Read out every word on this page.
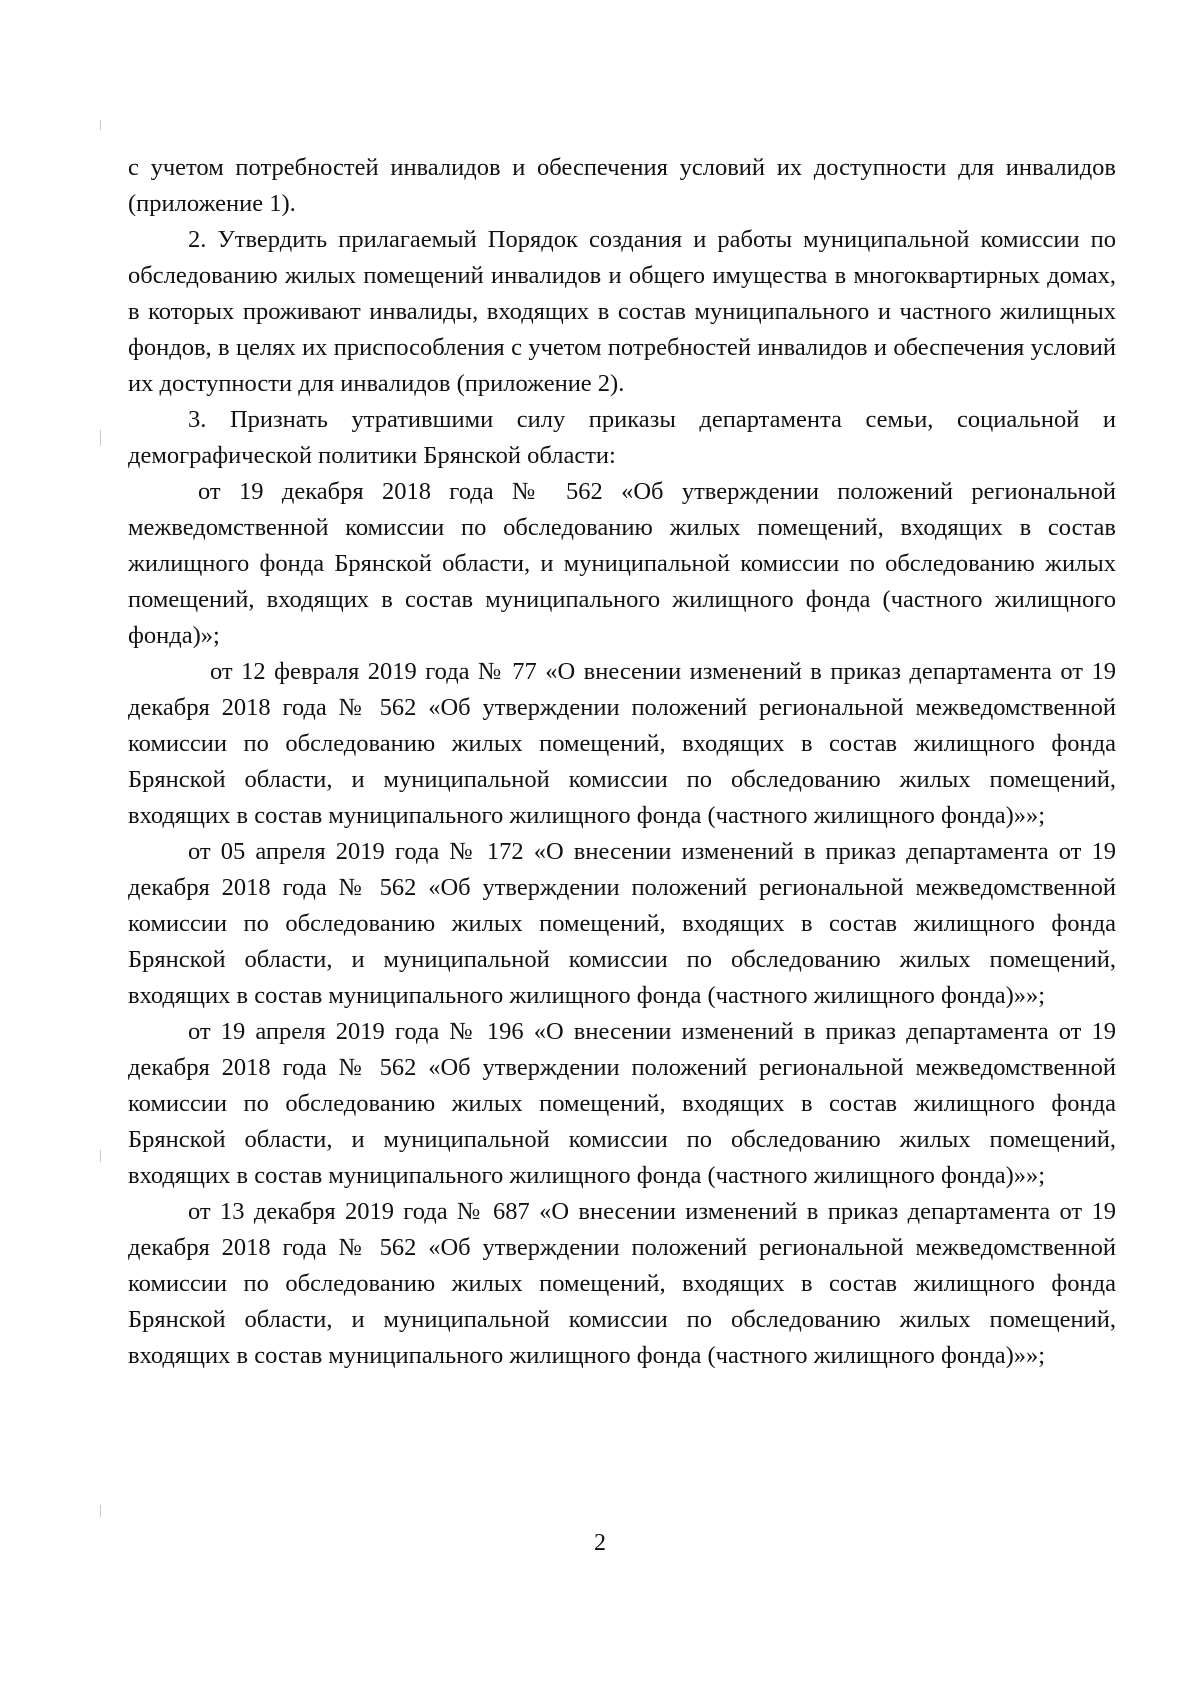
с учетом потребностей инвалидов и обеспечения условий их доступности для инвалидов (приложение 1).

2. Утвердить прилагаемый Порядок создания и работы муниципальной комиссии по обследованию жилых помещений инвалидов и общего имущества в многоквартирных домах, в которых проживают инвалиды, входящих в состав муниципального и частного жилищных фондов, в целях их приспособления с учетом потребностей инвалидов и обеспечения условий их доступности для инвалидов (приложение 2).

3. Признать утратившими силу приказы департамента семьи, социальной и демографической политики Брянской области:

от 19 декабря 2018 года № 562 «Об утверждении положений региональной межведомственной комиссии по обследованию жилых помещений, входящих в состав жилищного фонда Брянской области, и муниципальной комиссии по обследованию жилых помещений, входящих в состав муниципального жилищного фонда (частного жилищного фонда)»;

от 12 февраля 2019 года № 77 «О внесении изменений в приказ департамента от 19 декабря 2018 года № 562 «Об утверждении положений региональной межведомственной комиссии по обследованию жилых помещений, входящих в состав жилищного фонда Брянской области, и муниципальной комиссии по обследованию жилых помещений, входящих в состав муниципального жилищного фонда (частного жилищного фонда)»»;

от 05 апреля 2019 года № 172 «О внесении изменений в приказ департамента от 19 декабря 2018 года № 562 «Об утверждении положений региональной межведомственной комиссии по обследованию жилых помещений, входящих в состав жилищного фонда Брянской области, и муниципальной комиссии по обследованию жилых помещений, входящих в состав муниципального жилищного фонда (частного жилищного фонда)»»;

от 19 апреля 2019 года № 196 «О внесении изменений в приказ департамента от 19 декабря 2018 года № 562 «Об утверждении положений региональной межведомственной комиссии по обследованию жилых помещений, входящих в состав жилищного фонда Брянской области, и муниципальной комиссии по обследованию жилых помещений, входящих в состав муниципального жилищного фонда (частного жилищного фонда)»»;

от 13 декабря 2019 года № 687 «О внесении изменений в приказ департамента от 19 декабря 2018 года № 562 «Об утверждении положений региональной межведомственной комиссии по обследованию жилых помещений, входящих в состав жилищного фонда Брянской области, и муниципальной комиссии по обследованию жилых помещений, входящих в состав муниципального жилищного фонда (частного жилищного фонда)»»;

2
